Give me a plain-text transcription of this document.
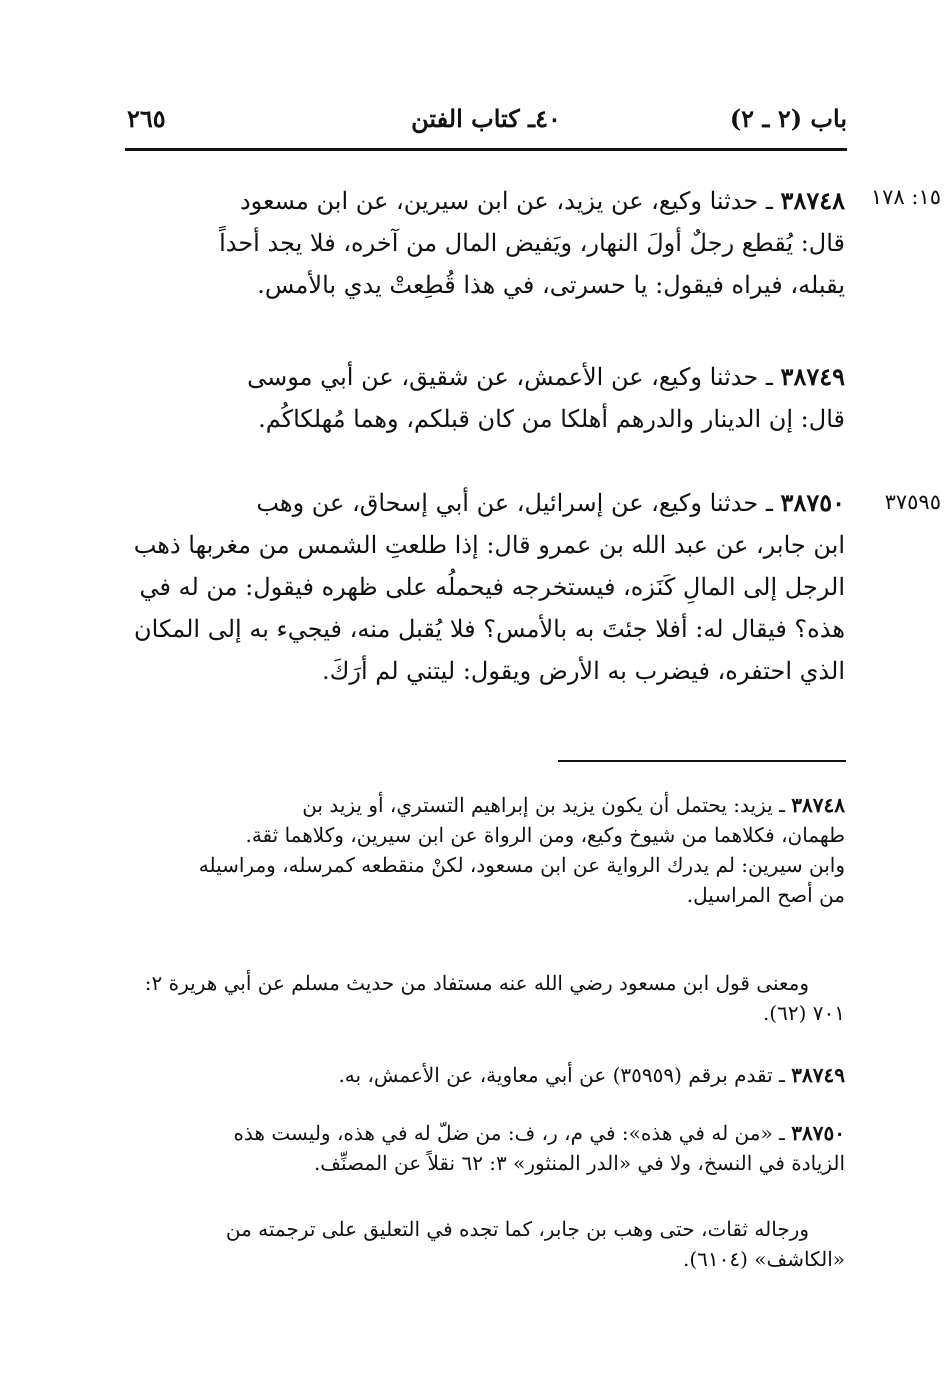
باب (٢ ـ ٢)
٤٠ـ كتاب الفتن
٢٦٥
١٥: ١٧٨
٣٨٧٤٨ ـ حدثنا وكيع، عن يزيد، عن ابن سيرين، عن ابن مسعود
قال: يُقطع رجلٌ أولَ النهار، ويَفيض المال من آخره، فلا يجد أحداً
يقبله، فيراه فيقول: يا حسرتى، في هذا قُطِعتْ يدي بالأمس.
٣٨٧٤٩ ـ حدثنا وكيع، عن الأعمش، عن شقيق، عن أبي موسى
قال: إن الدينار والدرهم أهلكا من كان قبلكم، وهما مُهلكاكُم.
٣٧٥٩٥
٣٨٧٥٠ ـ حدثنا وكيع، عن إسرائيل، عن أبي إسحاق، عن وهب
ابن جابر، عن عبد الله بن عمرو قال: إذا طلعتِ الشمس من مغربها ذهب
الرجل إلى المالِ كَنَزه، فيستخرجه فيحملُه على ظهره فيقول: من له في
هذه؟ فيقال له: أفلا جئتَ به بالأمس؟ فلا يُقبل منه، فيجيء به إلى المكان
الذي احتفره، فيضرب به الأرض ويقول: ليتني لم أرَكَ.
٣٨٧٤٨ ـ يزيد: يحتمل أن يكون يزيد بن إبراهيم التستري، أو يزيد بن
طهمان، فكلاهما من شيوخ وكيع، ومن الرواة عن ابن سيرين، وكلاهما ثقة.
وابن سيرين: لم يدرك الرواية عن ابن مسعود، لكنْ منقطعه كمرسله، ومراسيله
من أصح المراسيل.
ومعنى قول ابن مسعود رضي الله عنه مستفاد من حديث مسلم عن أبي هريرة ٢:
٧٠١ (٦٢).
٣٨٧٤٩ ـ تقدم برقم (٣٥٩٥٩) عن أبي معاوية، عن الأعمش، به.
٣٨٧٥٠ ـ «من له في هذه»: في م، ر، ف: من ضلّ له في هذه، وليست هذه
الزيادة في النسخ، ولا في «الدر المنثور» ٣: ٦٢ نقلاً عن المصنِّف.
ورجاله ثقات، حتى وهب بن جابر، كما تجده في التعليق على ترجمته من
«الكاشف» (٦١٠٤).
